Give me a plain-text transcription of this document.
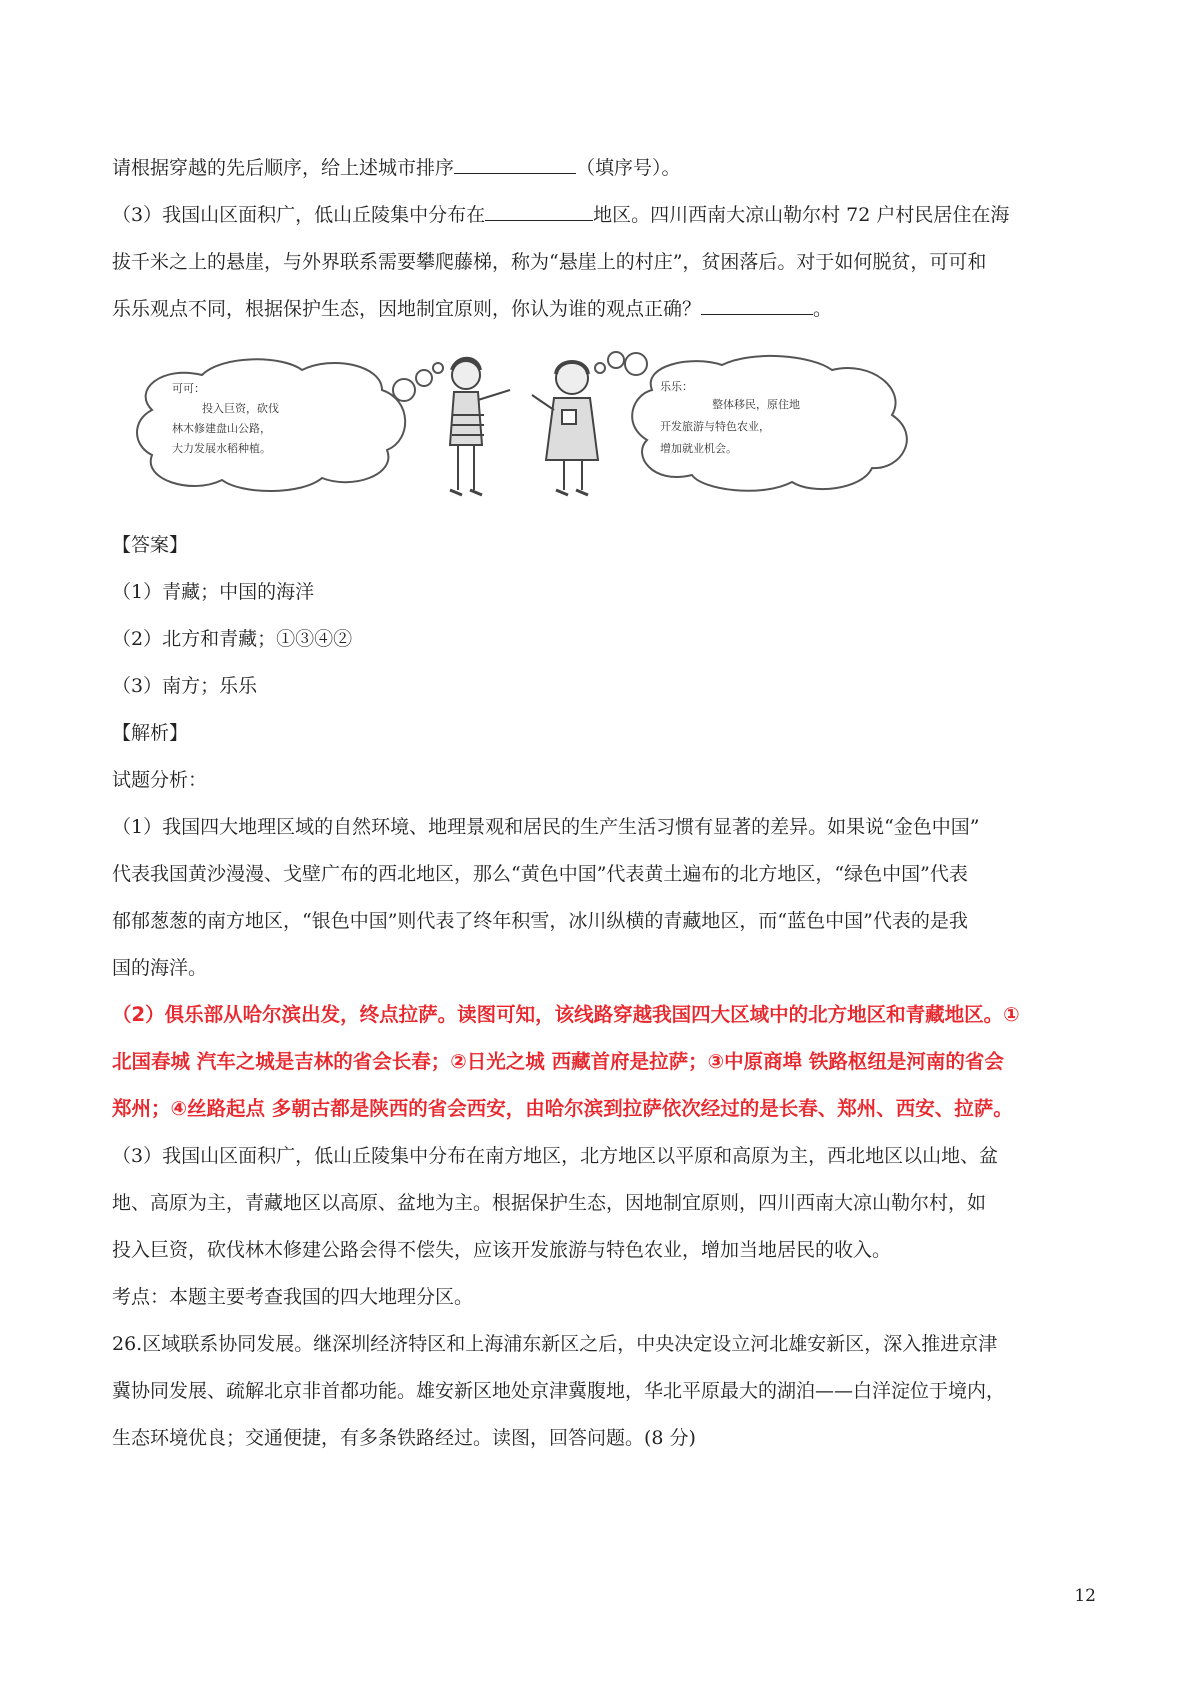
请根据穿越的先后顺序，给上述城市排序	（填序号）。
（3）我国山区面积广，低山丘陵集中分布在	地区。四川西南大凉山勒尔村 72 户村民居住在海
拔千米之上的悬崖，与外界联系需要攀爬藤梯，称为“悬崖上的村庄”，贫困落后。对于如何脱贫，可可和
乐乐观点不同，根据保护生态，因地制宜原则，你认为谁的观点正确？	。
可可：
投入巨资，砍伐
林木修建盘山公路，
大力发展水稻种植。
乐乐：
整体移民，原住地
开发旅游与特色农业，
增加就业机会。
【答案】
（1）青藏；中国的海洋
（2）北方和青藏；①③④②
（3）南方；乐乐
【解析】
试题分析：
（1）我国四大地理区域的自然环境、地理景观和居民的生产生活习惯有显著的差异。如果说“金色中国”
代表我国黄沙漫漫、戈壁广布的西北地区，那么“黄色中国”代表黄土遍布的北方地区，“绿色中国”代表
郁郁葱葱的南方地区，“银色中国”则代表了终年积雪，冰川纵横的青藏地区，而“蓝色中国”代表的是我
国的海洋。
（2）俱乐部从哈尔滨出发，终点拉萨。读图可知，该线路穿越我国四大区域中的北方地区和青藏地区。①
北国春城 汽车之城是吉林的省会长春；②日光之城 西藏首府是拉萨；③中原商埠 铁路枢纽是河南的省会
郑州；④丝路起点 多朝古都是陕西的省会西安，由哈尔滨到拉萨依次经过的是长春、郑州、西安、拉萨。
（3）我国山区面积广，低山丘陵集中分布在南方地区，北方地区以平原和高原为主，西北地区以山地、盆
地、高原为主，青藏地区以高原、盆地为主。根据保护生态，因地制宜原则，四川西南大凉山勒尔村，如
投入巨资，砍伐林木修建公路会得不偿失，应该开发旅游与特色农业，增加当地居民的收入。
考点：本题主要考查我国的四大地理分区。
26.区域联系协同发展。继深圳经济特区和上海浦东新区之后，中央决定设立河北雄安新区，深入推进京津
冀协同发展、疏解北京非首都功能。雄安新区地处京津冀腹地，华北平原最大的湖泊——白洋淀位于境内，
生态环境优良；交通便捷，有多条铁路经过。读图，回答问题。(8 分)
12
